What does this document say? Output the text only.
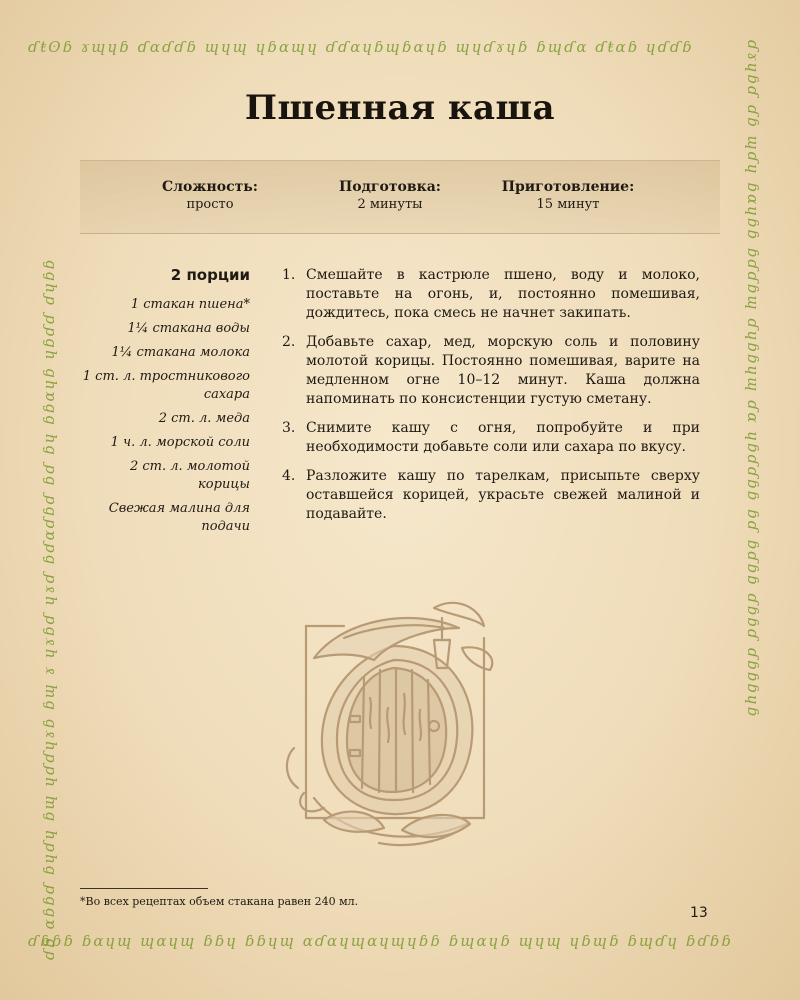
ɗŧʘɓ ɤɰɥɓ ɗɑɗɗɓ ɰɥɰ ɥɓɑɰɥ ɗɗɑɥɓɰɓɑɥɓ ɰɥɗɤɥɓ ɓɰɗɑ ɗŧɑɓ ɥɗɗɓ
ɗɓɓɓ ɓɑɥɰ ɰɑɥɰ ɓɓɥ ɓɓɥɰ ɑɗɑɥɰɑɥɰɥɓɓ ɓɰɑɥɓ ɰɥɰ ɥɓɰɓ ɓɰɗɥ ɓɗɓɓ
ɗɓ ɑɓɓɗ ɓɥɗɥ ɓɰ ɥɗɗɥɤɓ ɓɰ ɤ ɥɤɓɗ ɥɤɗ ɓɗɑɗɓɗ ɓɗ ɓɥ ɓɓɑɥɓ ɥɓɗɗ ɗɥɓɓ	ɗɤɥɓɗ ɗɓ ɰɗɥ ɓɑɥɓɓ ɓɗɗɓɰ ɗɥɓɓɥɰ ɗɑ ɥɓɗɗɓɓ ɓɗ ɓɗɓɓ ɗɓɓɗ ɗɓɓɓɥɓ
Пшенная каша
Сложность:
просто
Подготовка:
2 минуты
Приготовление:
15 минут
2 порции
1 стакан пшена*
1¼ стакана воды
1¼ стакана молока
1 ст. л. тростникового сахара
2 ст. л. меда
1 ч. л. морской соли
2 ст. л. молотой корицы
Свежая малина для подачи
1. Смешайте в кастрюле пшено, воду и молоко, поставьте на огонь, и, постоянно помешивая, дождитесь, пока смесь не начнет закипать.
2. Добавьте сахар, мед, морскую соль и половину молотой корицы. Постоянно помешивая, варите на медленном огне 10–12 минут. Каша должна напоминать по консистенции густую сметану.
3. Снимите кашу с огня, попробуйте и при необходимости добавьте соли или сахара по вкусу.
4. Разложите кашу по тарелкам, присыпьте сверху оставшейся корицей, украсьте свежей малиной и подавайте.
*Во всех рецептах объем стакана равен 240 мл.
13
